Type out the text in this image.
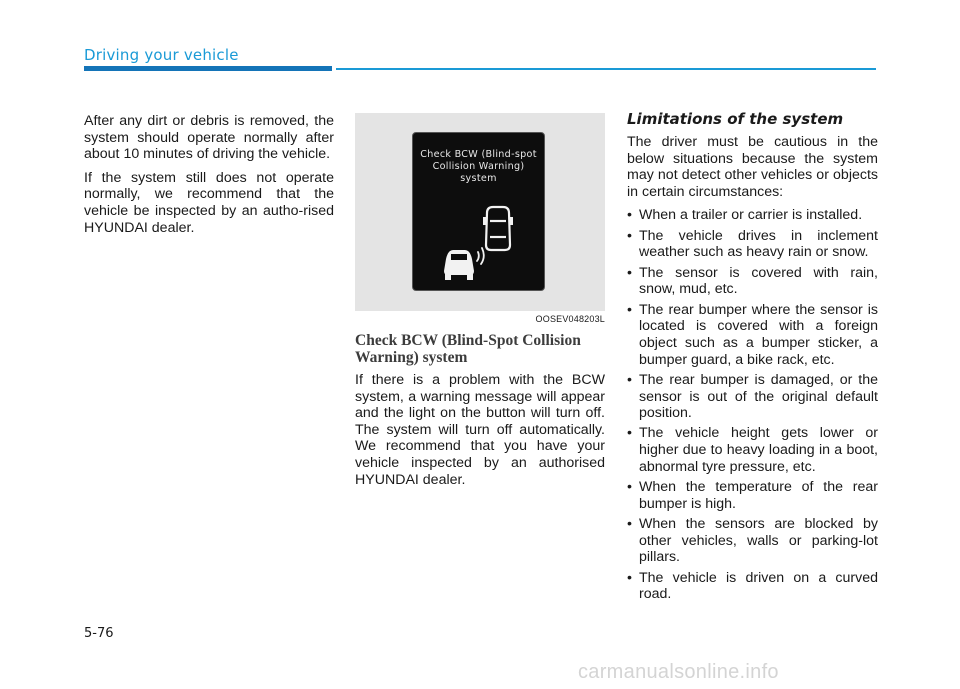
Driving your vehicle

After any dirt or debris is removed, the system should operate normally after about 10 minutes of driving the vehicle.

If the system still does not operate normally, we recommend that the vehicle be inspected by an autho-rised HYUNDAI dealer.

Check BCW (Blind-spot Collision Warning) system
OOSEV048203L
Check BCW (Blind-Spot Collision Warning) system

If there is a problem with the BCW system, a warning message will appear and the light on the button will turn off. The system will turn off automatically. We recommend that you have your vehicle inspected by an authorised HYUNDAI dealer.

Limitations of the system

The driver must be cautious in the below situations because the system may not detect other vehicles or objects in certain circumstances:

• When a trailer or carrier is installed.
• The vehicle drives in inclement weather such as heavy rain or snow.
• The sensor is covered with rain, snow, mud, etc.
• The rear bumper where the sensor is located is covered with a foreign object such as a bumper sticker, a bumper guard, a bike rack, etc.
• The rear bumper is damaged, or the sensor is out of the original default position.
• The vehicle height gets lower or higher due to heavy loading in a boot, abnormal tyre pressure, etc.
• When the temperature of the rear bumper is high.
• When the sensors are blocked by other vehicles, walls or parking-lot pillars.
• The vehicle is driven on a curved road.
5-76
carmanualsonline.info
